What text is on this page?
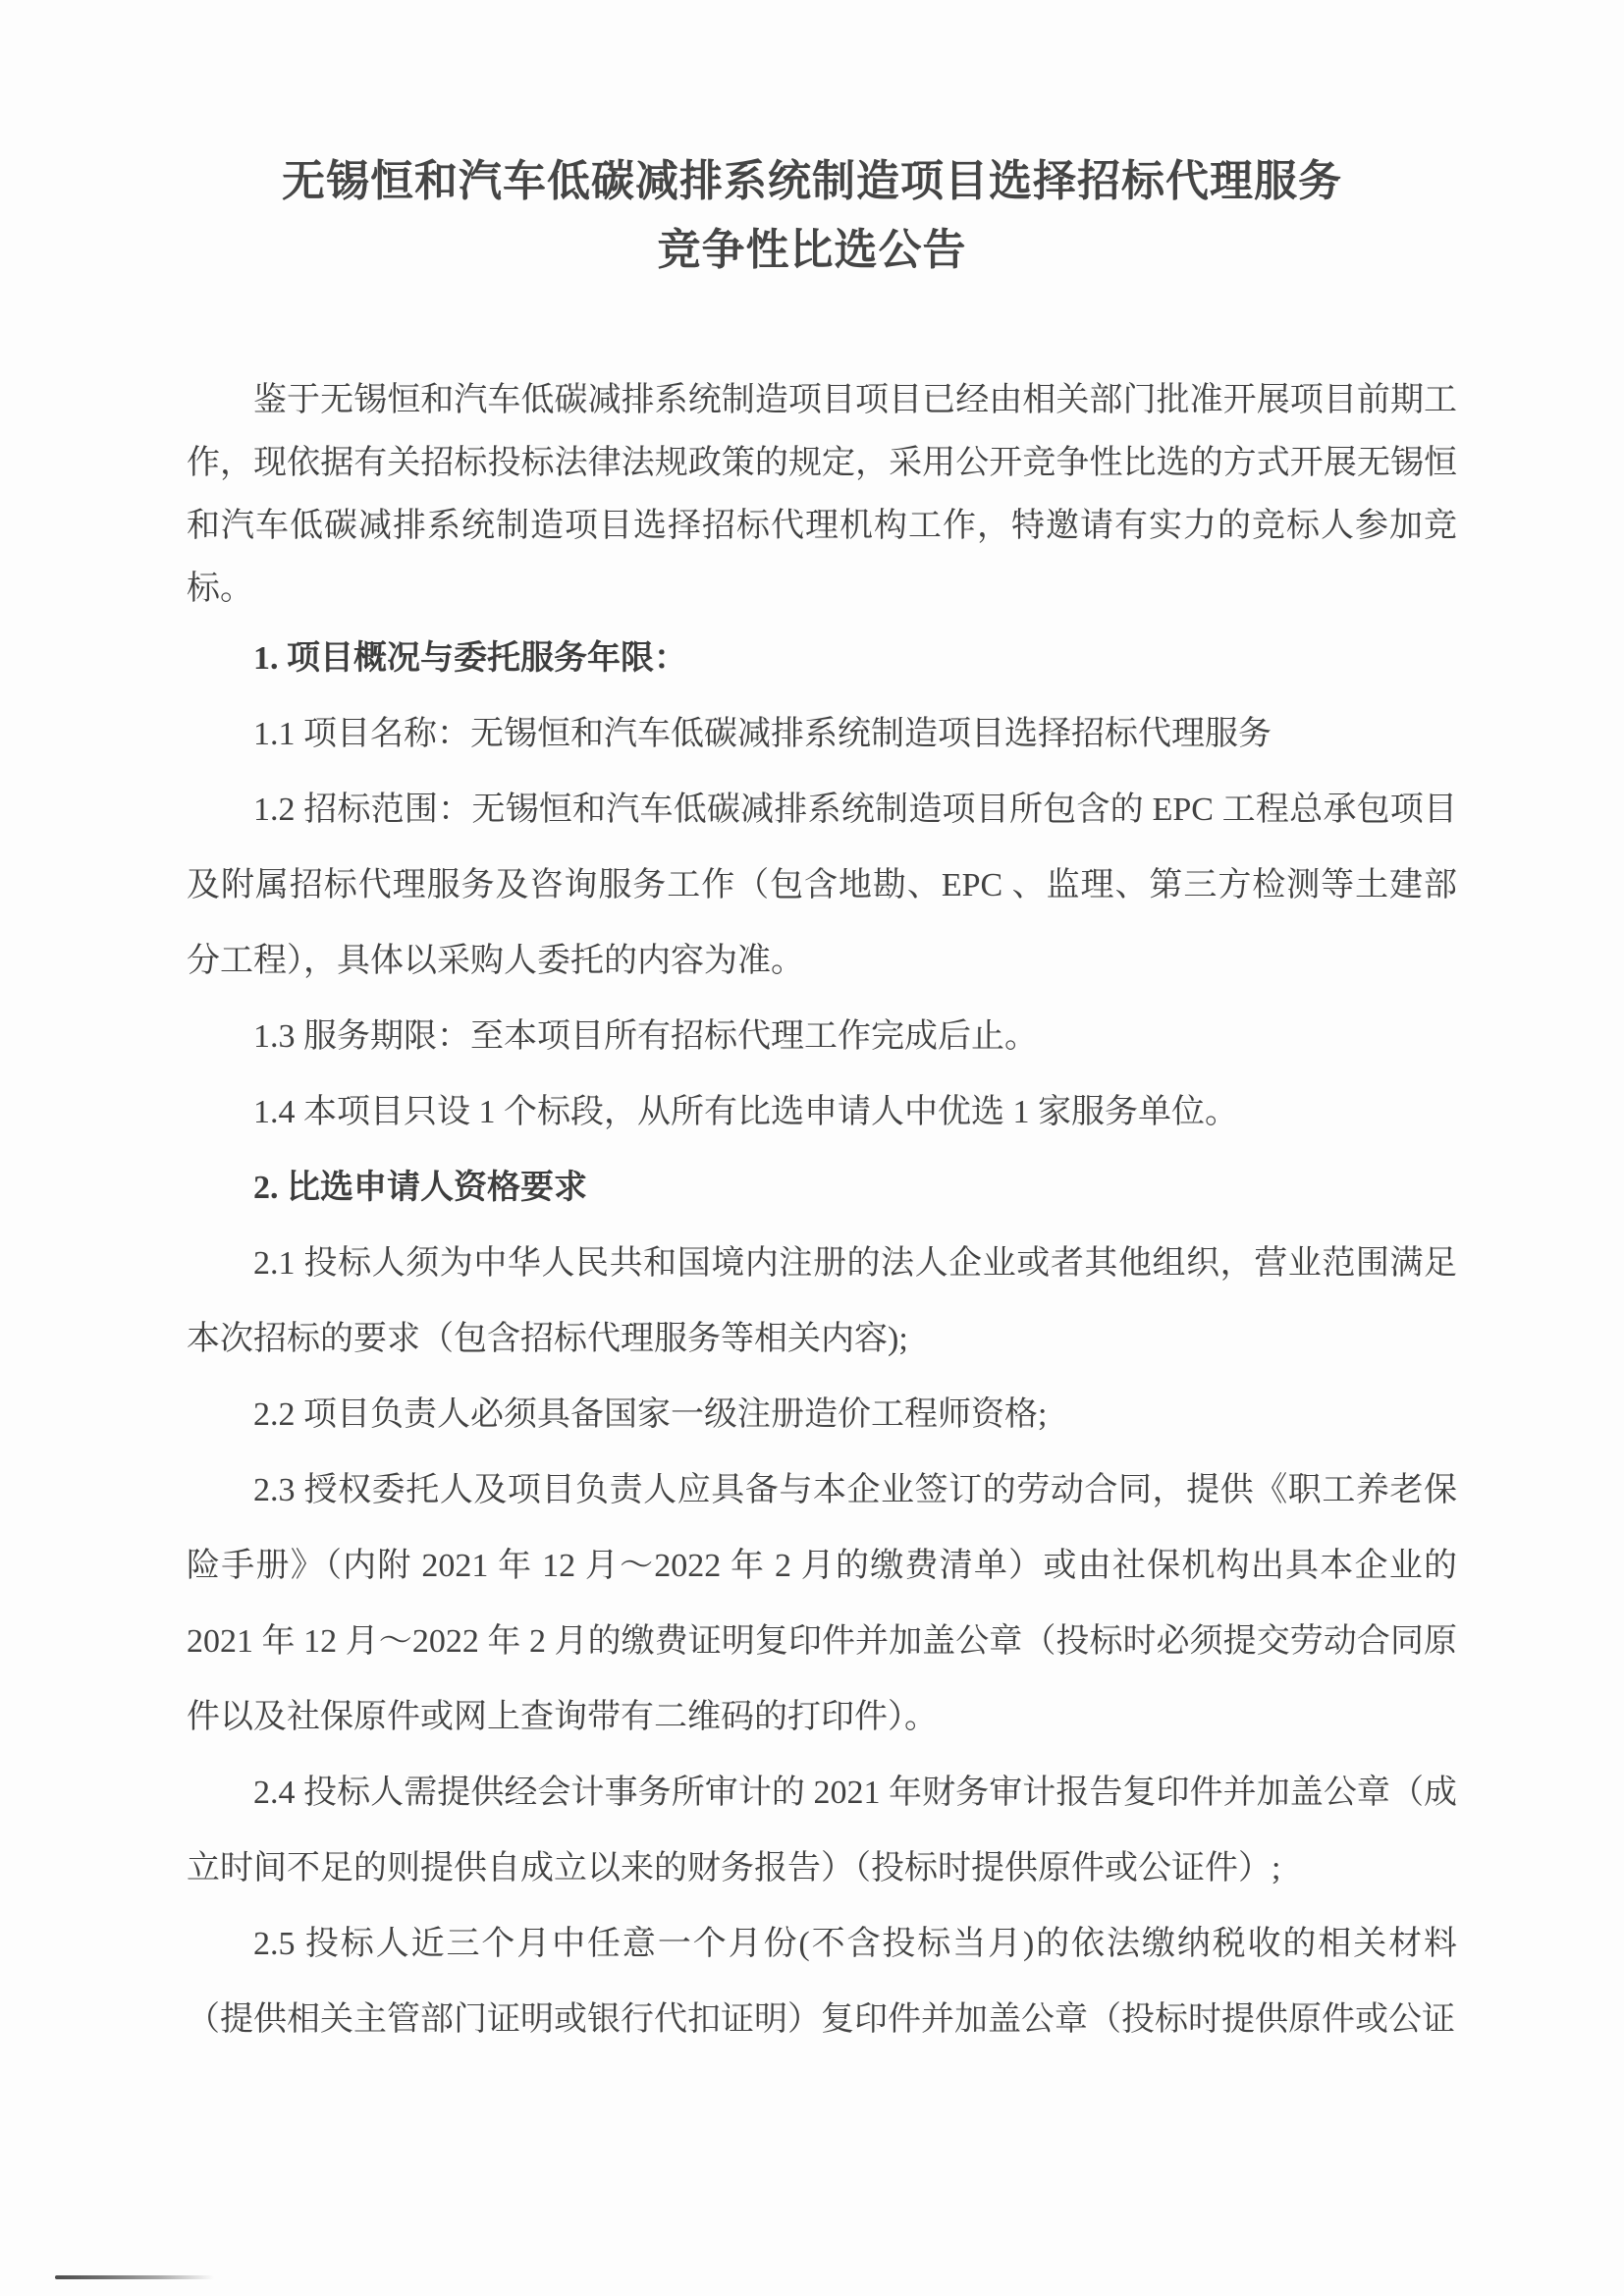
无锡恒和汽车低碳减排系统制造项目选择招标代理服务
竞争性比选公告

鉴于无锡恒和汽车低碳减排系统制造项目项目已经由相关部门批准开展项目前期工作，现依据有关招标投标法律法规政策的规定，采用公开竞争性比选的方式开展无锡恒和汽车低碳减排系统制造项目选择招标代理机构工作，特邀请有实力的竞标人参加竞标。

1. 项目概况与委托服务年限：

1.1 项目名称：无锡恒和汽车低碳减排系统制造项目选择招标代理服务

1.2 招标范围：无锡恒和汽车低碳减排系统制造项目所包含的 EPC 工程总承包项目及附属招标代理服务及咨询服务工作（包含地勘、EPC 、监理、第三方检测等土建部分工程），具体以采购人委托的内容为准。

1.3 服务期限：至本项目所有招标代理工作完成后止。

1.4 本项目只设 1 个标段，从所有比选申请人中优选 1 家服务单位。

2. 比选申请人资格要求

2.1 投标人须为中华人民共和国境内注册的法人企业或者其他组织，营业范围满足本次招标的要求（包含招标代理服务等相关内容);

2.2 项目负责人必须具备国家一级注册造价工程师资格;

2.3 授权委托人及项目负责人应具备与本企业签订的劳动合同，提供《职工养老保险手册》（内附 2021 年 12 月～2022 年 2 月的缴费清单）或由社保机构出具本企业的 2021 年 12 月～2022 年 2 月的缴费证明复印件并加盖公章（投标时必须提交劳动合同原件以及社保原件或网上查询带有二维码的打印件）。

2.4 投标人需提供经会计事务所审计的 2021 年财务审计报告复印件并加盖公章（成立时间不足的则提供自成立以来的财务报告）（投标时提供原件或公证件）;

2.5 投标人近三个月中任意一个月份(不含投标当月)的依法缴纳税收的相关材料（提供相关主管部门证明或银行代扣证明）复印件并加盖公章（投标时提供原件或公证
